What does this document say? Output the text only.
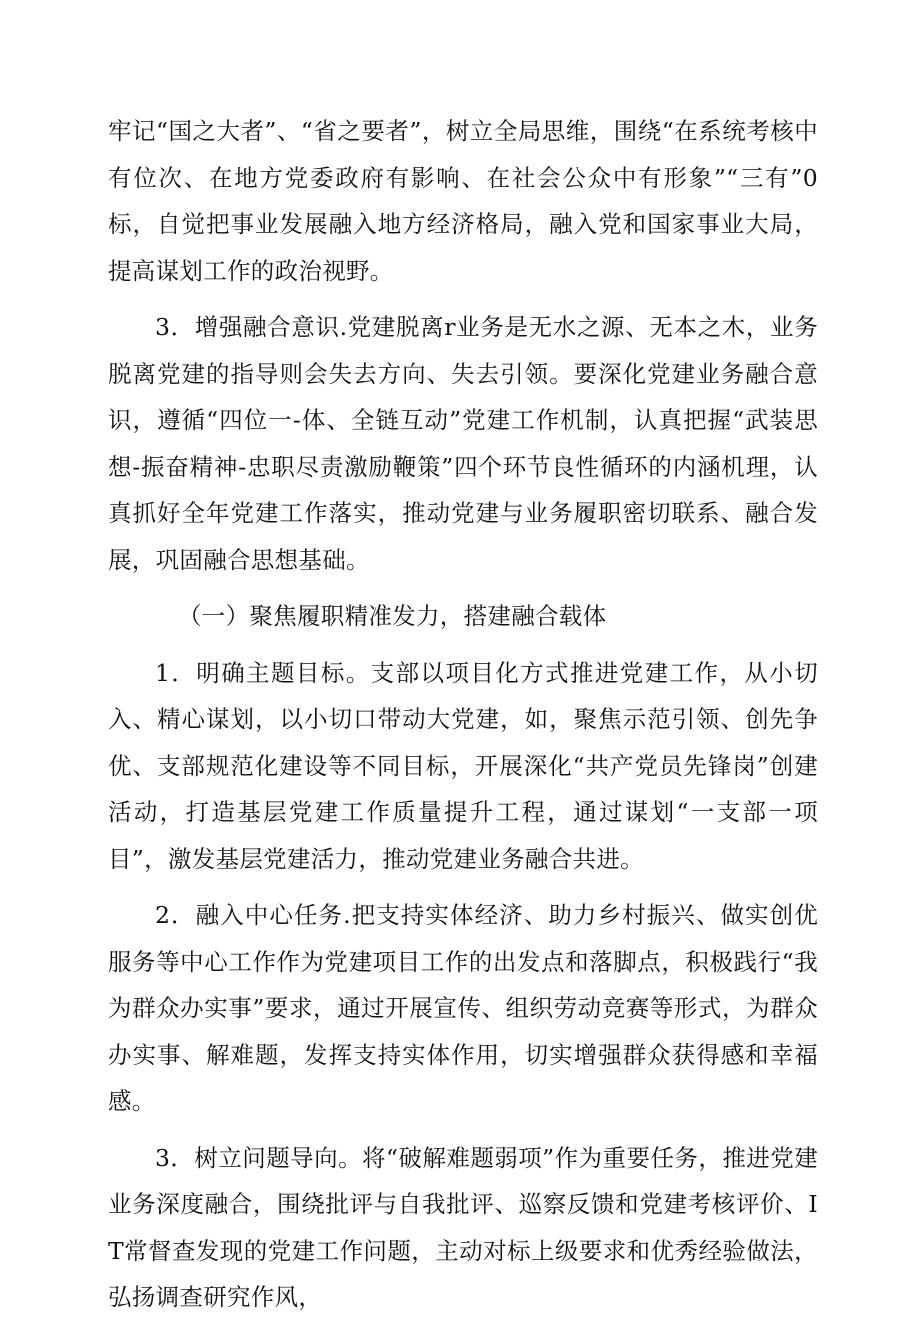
牢记“国之大者”、“省之要者”，树立全局思维，围绕“在系统考核中有位次、在地方党委政府有影响、在社会公众中有形象”“三有”0标，自觉把事业发展融入地方经济格局，融入党和国家事业大局，提高谋划工作的政治视野。

3．增强融合意识.党建脱离r业务是无水之源、无本之木，业务脱离党建的指导则会失去方向、失去引领。要深化党建业务融合意识，遵循“四位一-体、全链互动”党建工作机制，认真把握“武装思想-振奋精神-忠职尽责激励鞭策”四个环节良性循环的内涵机理，认真抓好全年党建工作落实，推动党建与业务履职密切联系、融合发展，巩固融合思想基础。

（一）聚焦履职精准发力，搭建融合载体

1．明确主题目标。支部以项目化方式推进党建工作，从小切入、精心谋划，以小切口带动大党建，如，聚焦示范引领、创先争优、支部规范化建设等不同目标，开展深化“共产党员先锋岗”创建活动，打造基层党建工作质量提升工程，通过谋划“一支部一项目”，激发基层党建活力，推动党建业务融合共进。

2．融入中心任务.把支持实体经济、助力乡村振兴、做实创优服务等中心工作作为党建项目工作的出发点和落脚点，积极践行“我为群众办实事”要求，通过开展宣传、组织劳动竞赛等形式，为群众办实事、解难题，发挥支持实体作用，切实增强群众获得感和幸福感。

3．树立问题导向。将“破解难题弱项”作为重要任务，推进党建业务深度融合，围绕批评与自我批评、巡察反馈和党建考核评价、IT常督查发现的党建工作问题，主动对标上级要求和优秀经验做法，弘扬调查研究作风，
